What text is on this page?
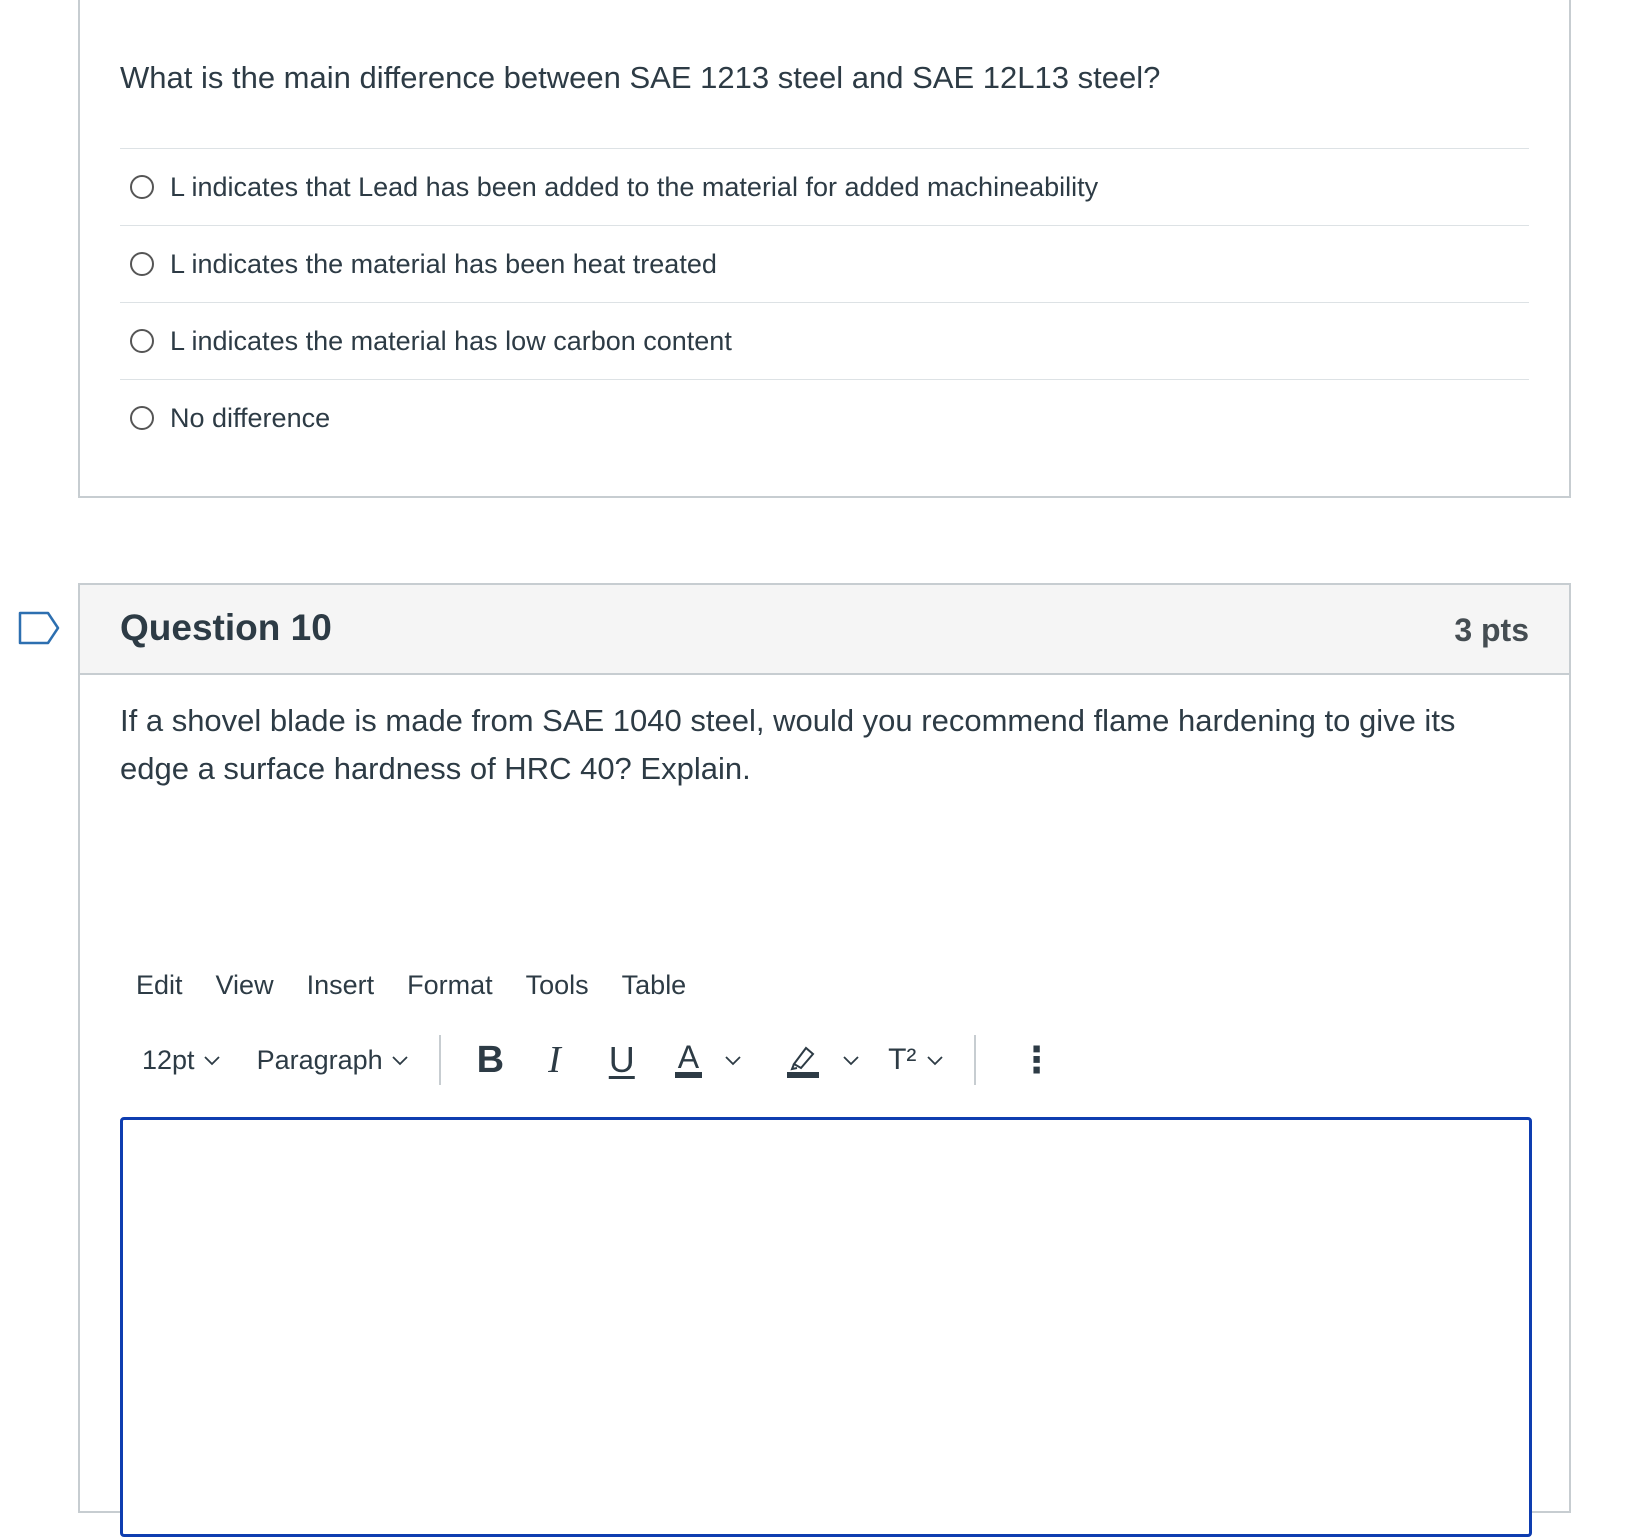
What is the main difference between SAE 1213 steel and SAE 12L13 steel?
L indicates that Lead has been added to the material for added machineability
L indicates the material has been heat treated
L indicates the material has low carbon content
No difference
Question 10	3 pts
If a shovel blade is made from SAE 1040 steel, would you recommend flame hardening to give its edge a surface hardness of HRC 40? Explain.
Edit View Insert Format Tools Table
12pt Paragraph B I U A	T²	⋮
